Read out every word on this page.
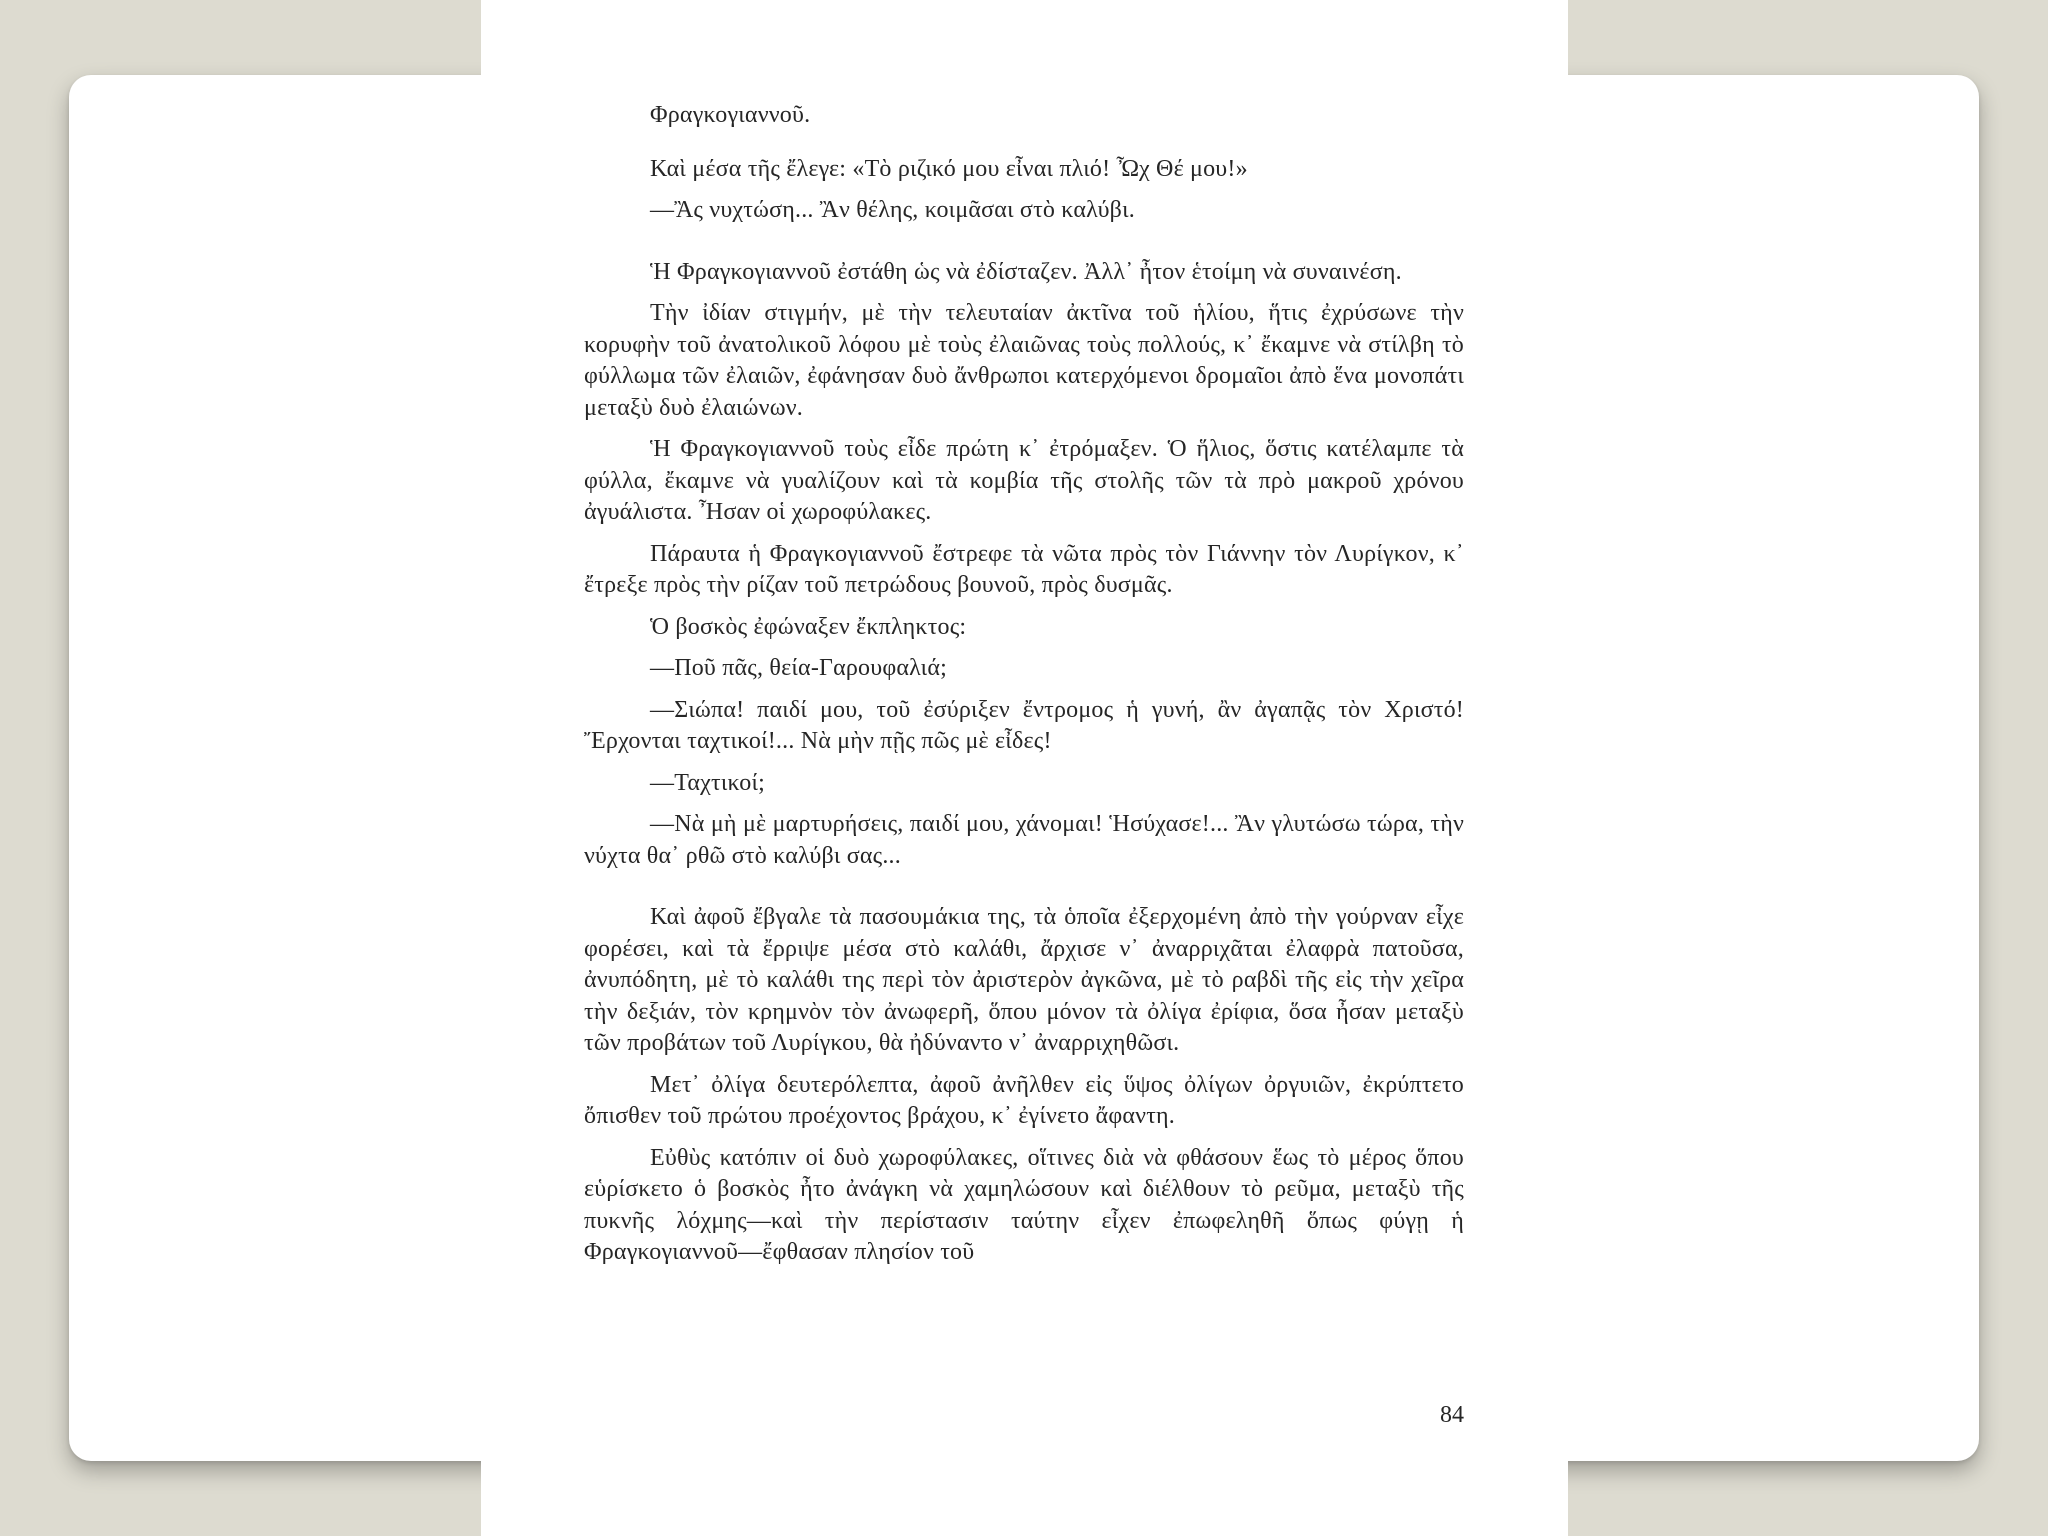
Φραγκογιαννοῦ.

Καὶ μέσα τῆς ἔλεγε: «Τὸ ριζικό μου εἶναι πλιό! Ὦχ Θέ μου!»

—Ἂς νυχτώση... Ἂν θέλης, κοιμᾶσαι στὸ καλύβι.

Ἡ Φραγκογιαννοῦ ἐστάθη ὡς νὰ ἐδίσταζεν. Ἀλλ᾽ ἦτον ἑτοίμη νὰ συναινέση.

Τὴν ἰδίαν στιγμήν, μὲ τὴν τελευταίαν ἀκτῖνα τοῦ ἡλίου, ἥτις ἐχρύσωνε τὴν κορυφὴν τοῦ ἀνατολικοῦ λόφου μὲ τοὺς ἐλαιῶνας τοὺς πολλούς, κ᾽ ἔκαμνε νὰ στίλβη τὸ φύλλωμα τῶν ἐλαιῶν, ἐφάνησαν δυὸ ἄνθρωποι κατερχόμενοι δρομαῖοι ἀπὸ ἕνα μονοπάτι μεταξὺ δυὸ ἐλαιώνων.

Ἡ Φραγκογιαννοῦ τοὺς εἶδε πρώτη κ᾽ ἐτρόμαξεν. Ὁ ἥλιος, ὅστις κατέλαμπε τὰ φύλλα, ἔκαμνε νὰ γυαλίζουν καὶ τὰ κομβία τῆς στολῆς τῶν τὰ πρὸ μακροῦ χρόνου ἀγυάλιστα. Ἦσαν οἱ χωροφύλακες.

Πάραυτα ἡ Φραγκογιαννοῦ ἔστρεφε τὰ νῶτα πρὸς τὸν Γιάννην τὸν Λυρίγκον, κ᾽ ἔτρεξε πρὸς τὴν ρίζαν τοῦ πετρώδους βουνοῦ, πρὸς δυσμᾶς.

Ὁ βοσκὸς ἐφώναξεν ἔκπληκτος:

—Ποῦ πᾶς, θεία-Γαρουφαλιά;

—Σιώπα! παιδί μου, τοῦ ἐσύριξεν ἔντρομος ἡ γυνή, ἂν ἀγαπᾷς τὸν Χριστό! Ἔρχονται ταχτικοί!... Νὰ μὴν πῇς πῶς μὲ εἶδες!

—Ταχτικοί;

—Νὰ μὴ μὲ μαρτυρήσεις, παιδί μου, χάνομαι! Ἡσύχασε!... Ἂν γλυτώσω τώρα, τὴν νύχτα θα᾽ ρθῶ στὸ καλύβι σας...

Καὶ ἀφοῦ ἔβγαλε τὰ πασουμάκια της, τὰ ὁποῖα ἐξερχομένη ἀπὸ τὴν γούρναν εἶχε φορέσει, καὶ τὰ ἔρριψε μέσα στὸ καλάθι, ἄρχισε ν᾽ ἀναρριχᾶται ἐλαφρὰ πατοῦσα, ἀνυπόδητη, μὲ τὸ καλάθι της περὶ τὸν ἀριστερὸν ἀγκῶνα, μὲ τὸ ραβδὶ τῆς εἰς τὴν χεῖρα τὴν δεξιάν, τὸν κρημνὸν τὸν ἀνωφερῆ, ὅπου μόνον τὰ ὀλίγα ἐρίφια, ὅσα ἦσαν μεταξὺ τῶν προβάτων τοῦ Λυρίγκου, θὰ ἠδύναντο ν᾽ ἀναρριχηθῶσι.

Μετ᾽ ὀλίγα δευτερόλεπτα, ἀφοῦ ἀνῆλθεν εἰς ὕψος ὀλίγων ὀργυιῶν, ἐκρύπτετο ὄπισθεν τοῦ πρώτου προέχοντος βράχου, κ᾽ ἐγίνετο ἄφαντη.

Εὐθὺς κατόπιν οἱ δυὸ χωροφύλακες, οἵτινες διὰ νὰ φθάσουν ἕως τὸ μέρος ὅπου εὑρίσκετο ὁ βοσκὸς ἦτο ἀνάγκη νὰ χαμηλώσουν καὶ διέλθουν τὸ ρεῦμα, μεταξὺ τῆς πυκνῆς λόχμης—καὶ τὴν περίστασιν ταύτην εἶχεν ἐπωφεληθῆ ὅπως φύγῃ ἡ Φραγκογιαννοῦ—ἔφθασαν πλησίον τοῦ

84
